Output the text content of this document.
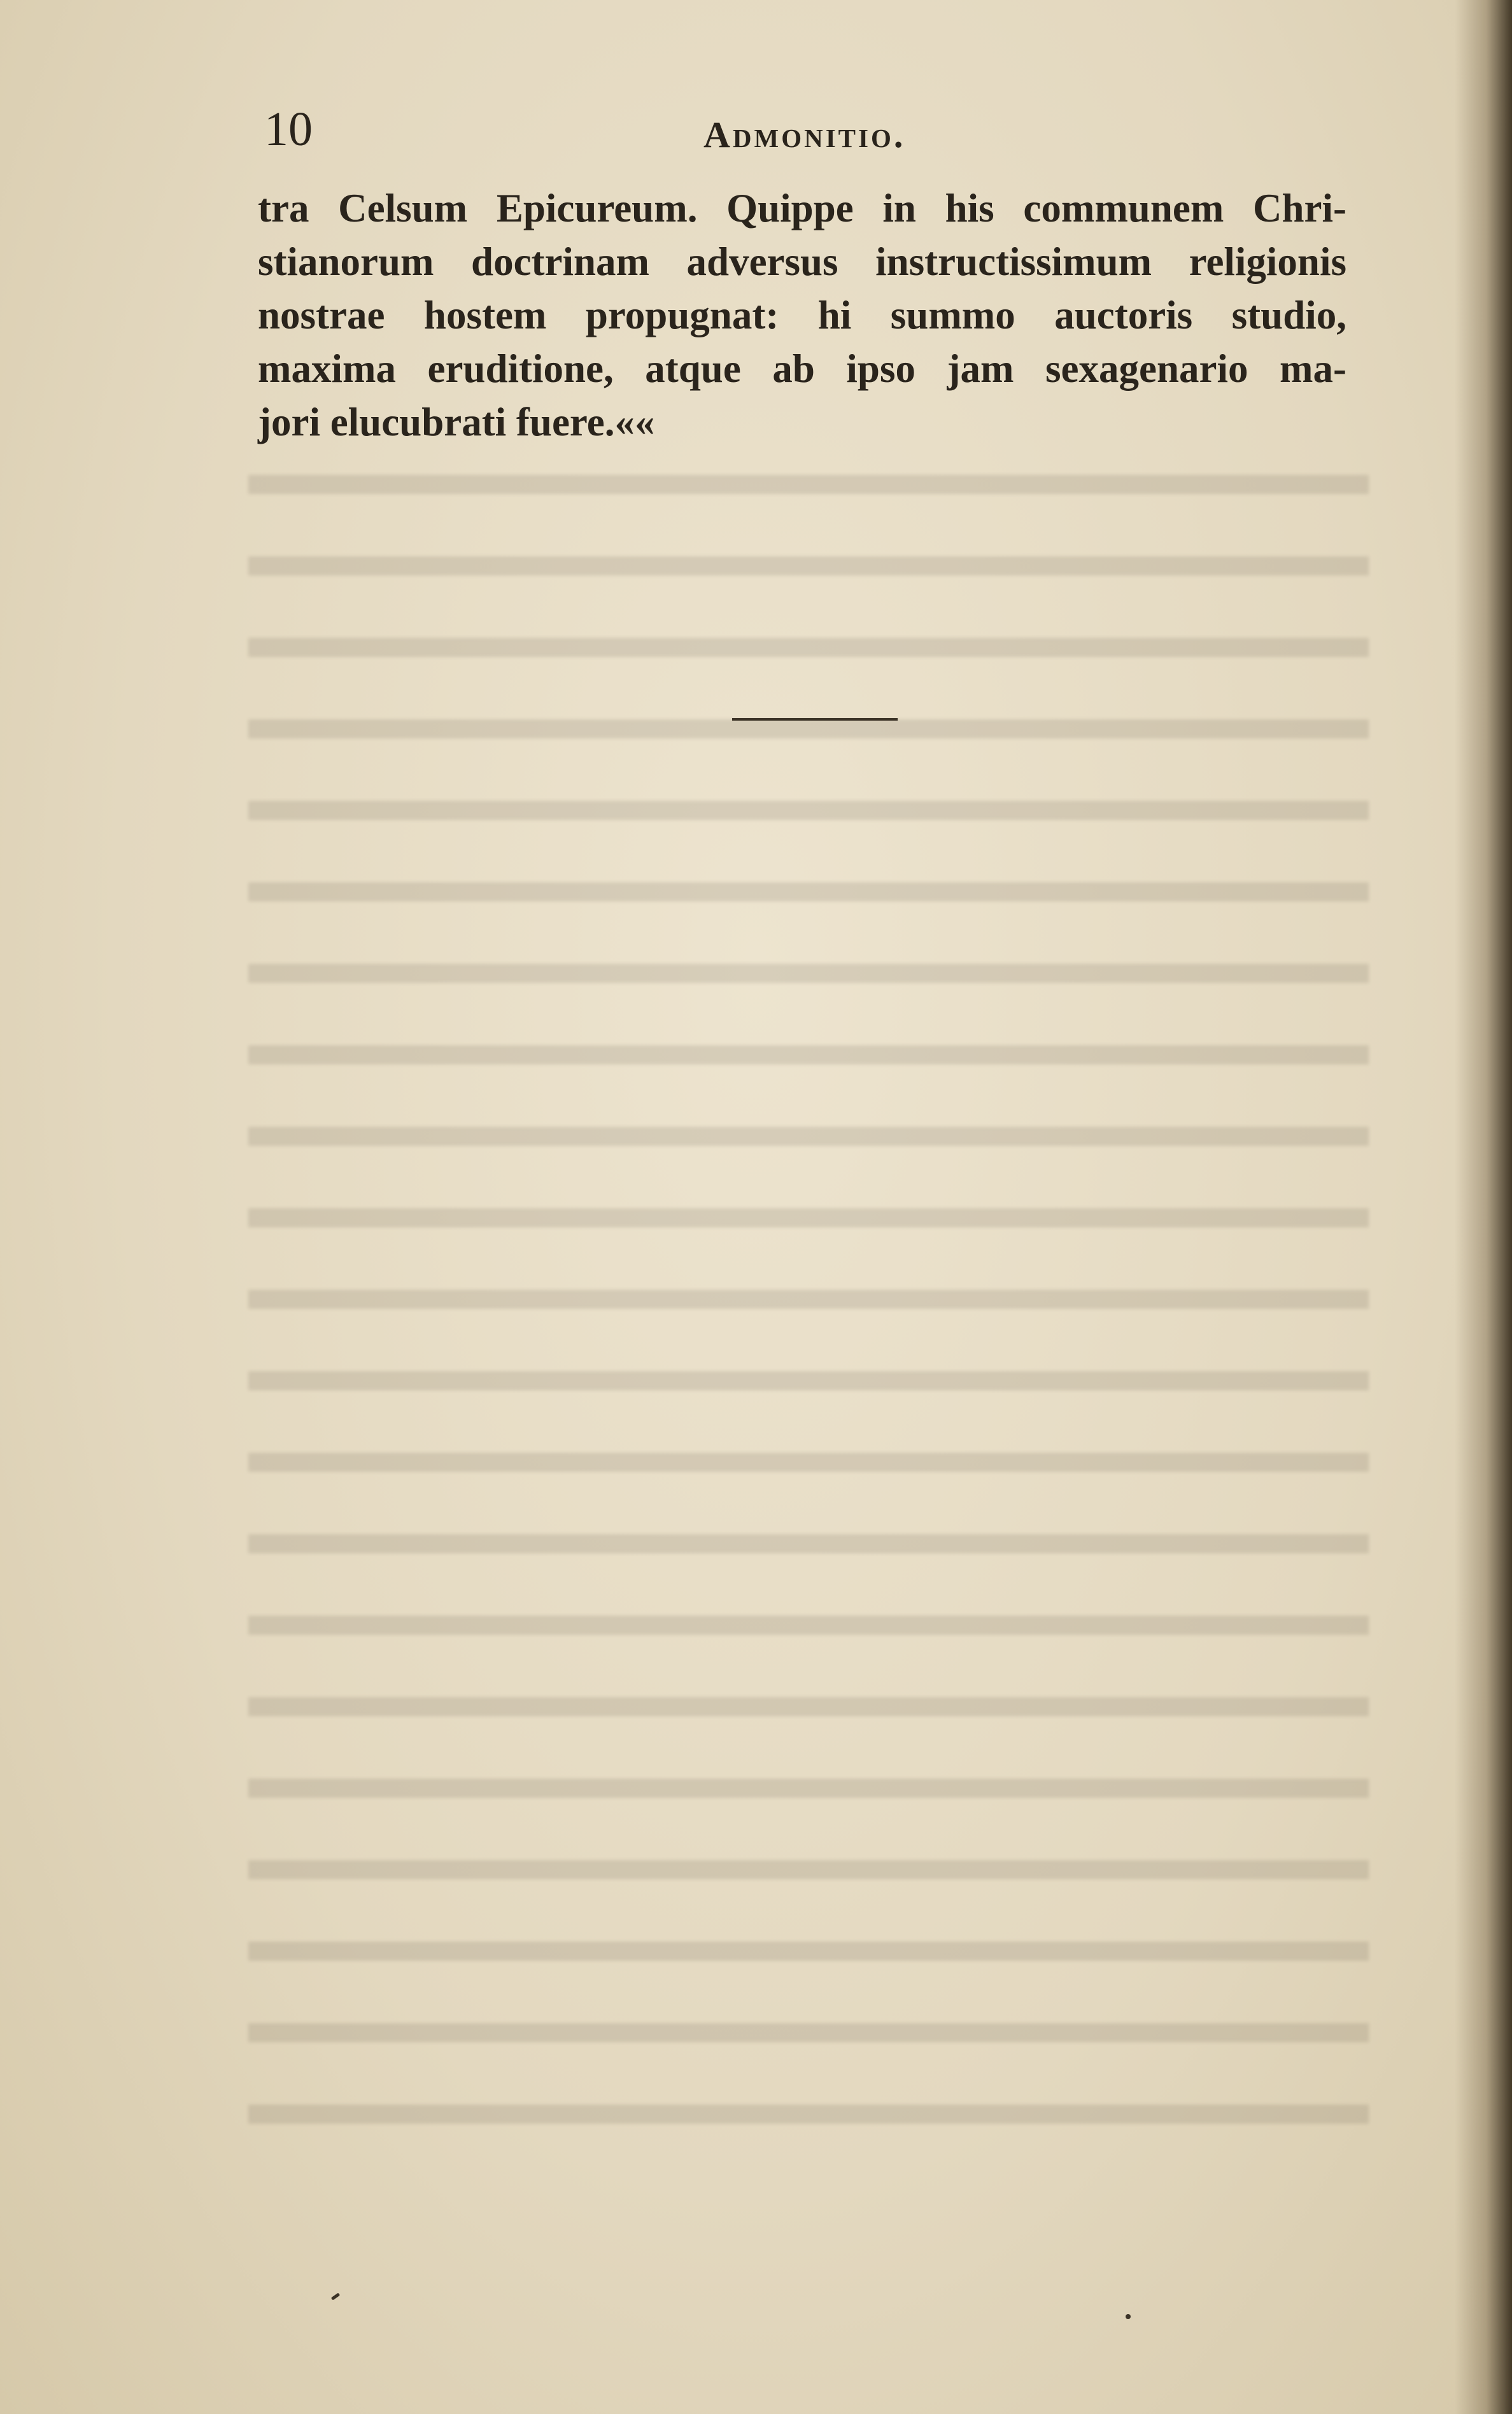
10	Admonitio.
tra Celsum Epicureum. Quippe in his communem Chri-
stianorum doctrinam adversus instructissimum religionis
nostrae hostem propugnat: hi summo auctoris studio,
maxima eruditione, atque ab ipso jam sexagenario ma-
jori elucubrati fuere.««
